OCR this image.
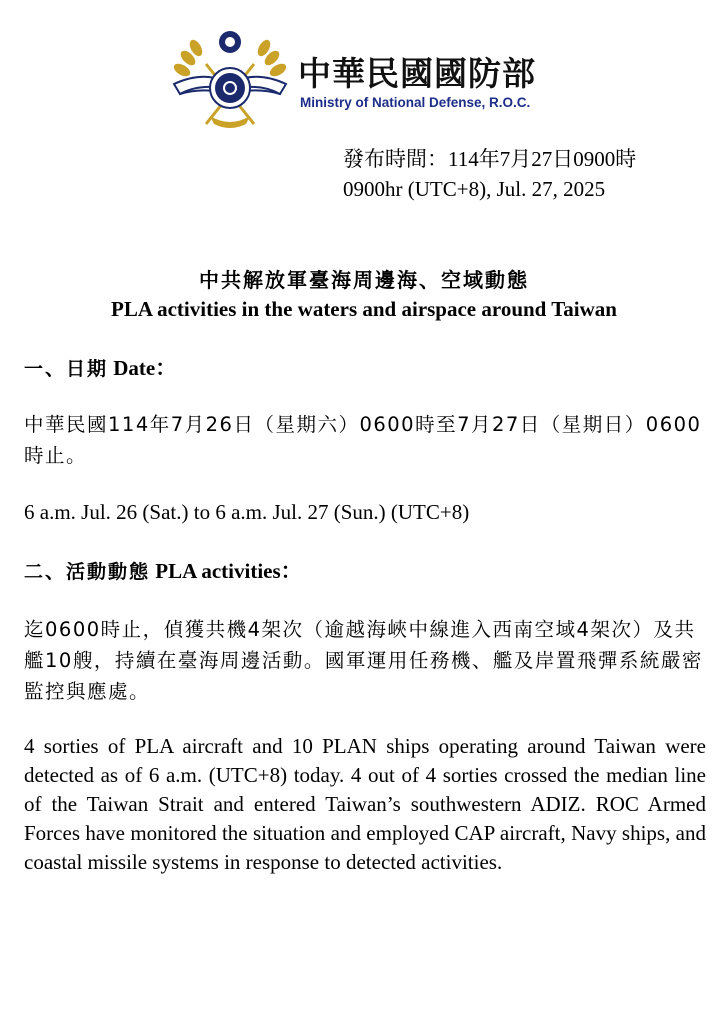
中華民國國防部
Ministry of National Defense, R.O.C.
發布時間：114年7月27日0900時
0900hr (UTC+8), Jul. 27, 2025
中共解放軍臺海周邊海、空域動態
PLA activities in the waters and airspace around Taiwan
一、日期 Date：
中華民國114年7月26日（星期六）0600時至7月27日（星期日）0600時止。
6 a.m. Jul. 26 (Sat.) to 6 a.m. Jul. 27 (Sun.) (UTC+8)
二、活動動態 PLA activities：
迄0600時止，偵獲共機4架次（逾越海峽中線進入西南空域4架次）及共艦10艘，持續在臺海周邊活動。國軍運用任務機、艦及岸置飛彈系統嚴密監控與應處。
4 sorties of PLA aircraft and 10 PLAN ships operating around Taiwan were detected as of 6 a.m. (UTC+8) today. 4 out of 4 sorties crossed the median line of the Taiwan Strait and entered Taiwan’s southwestern ADIZ. ROC Armed Forces have monitored the situation and employed CAP aircraft, Navy ships, and coastal missile systems in response to detected activities.
